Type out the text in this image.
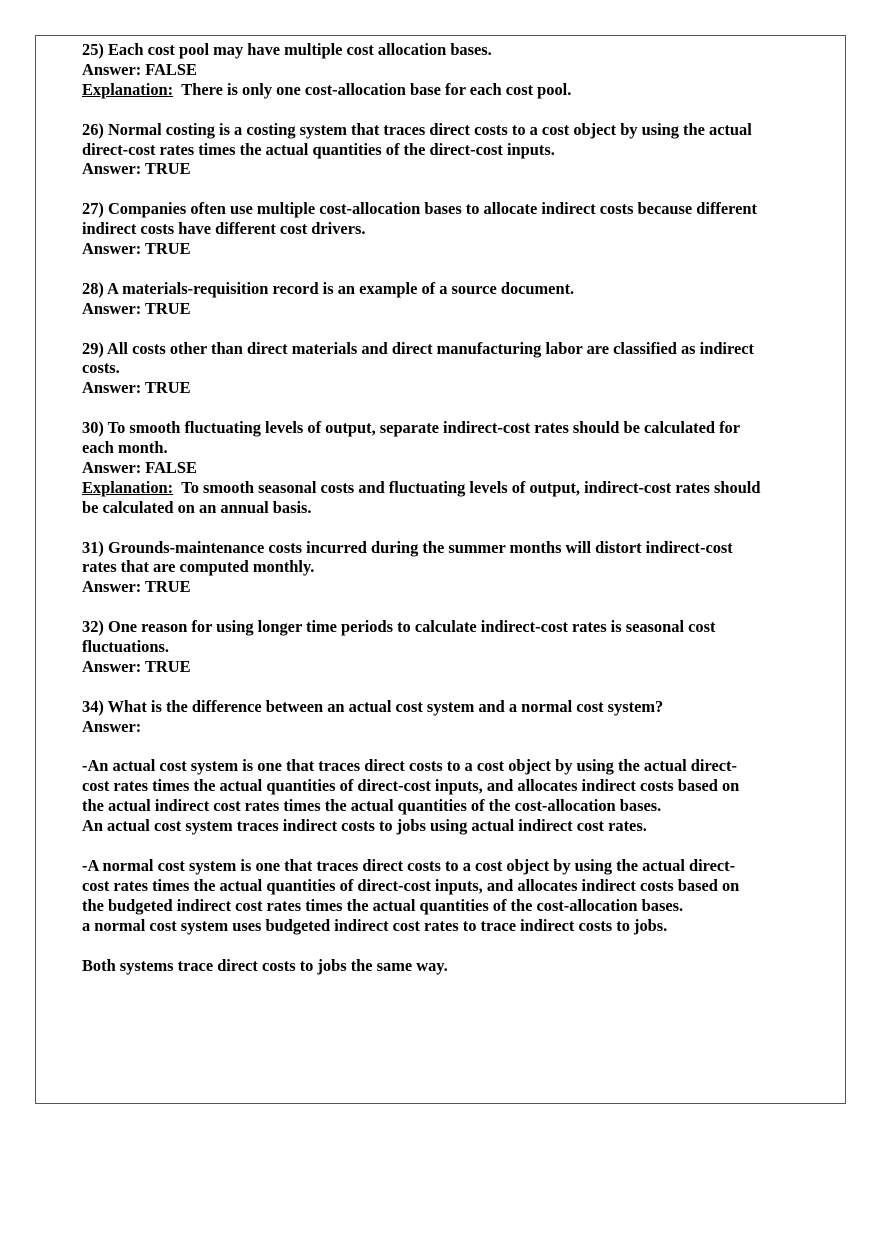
25) Each cost pool may have multiple cost allocation bases.
Answer: FALSE
Explanation: There is only one cost-allocation base for each cost pool.
26) Normal costing is a costing system that traces direct costs to a cost object by using the actual
direct-cost rates times the actual quantities of the direct-cost inputs.
Answer: TRUE
27) Companies often use multiple cost-allocation bases to allocate indirect costs because different
indirect costs have different cost drivers.
Answer: TRUE
28) A materials-requisition record is an example of a source document.
Answer: TRUE
29) All costs other than direct materials and direct manufacturing labor are classified as indirect
costs.
Answer: TRUE
30) To smooth fluctuating levels of output, separate indirect-cost rates should be calculated for
each month.
Answer: FALSE
Explanation: To smooth seasonal costs and fluctuating levels of output, indirect-cost rates should
be calculated on an annual basis.
31) Grounds-maintenance costs incurred during the summer months will distort indirect-cost
rates that are computed monthly.
Answer: TRUE
32) One reason for using longer time periods to calculate indirect-cost rates is seasonal cost
fluctuations.
Answer: TRUE
34) What is the difference between an actual cost system and a normal cost system?
Answer:
-An actual cost system is one that traces direct costs to a cost object by using the actual direct-
cost rates times the actual quantities of direct-cost inputs, and allocates indirect costs based on
the actual indirect cost rates times the actual quantities of the cost-allocation bases.
An actual cost system traces indirect costs to jobs using actual indirect cost rates.
-A normal cost system is one that traces direct costs to a cost object by using the actual direct-
cost rates times the actual quantities of direct-cost inputs, and allocates indirect costs based on
the budgeted indirect cost rates times the actual quantities of the cost-allocation bases.
a normal cost system uses budgeted indirect cost rates to trace indirect costs to jobs.
Both systems trace direct costs to jobs the same way.
